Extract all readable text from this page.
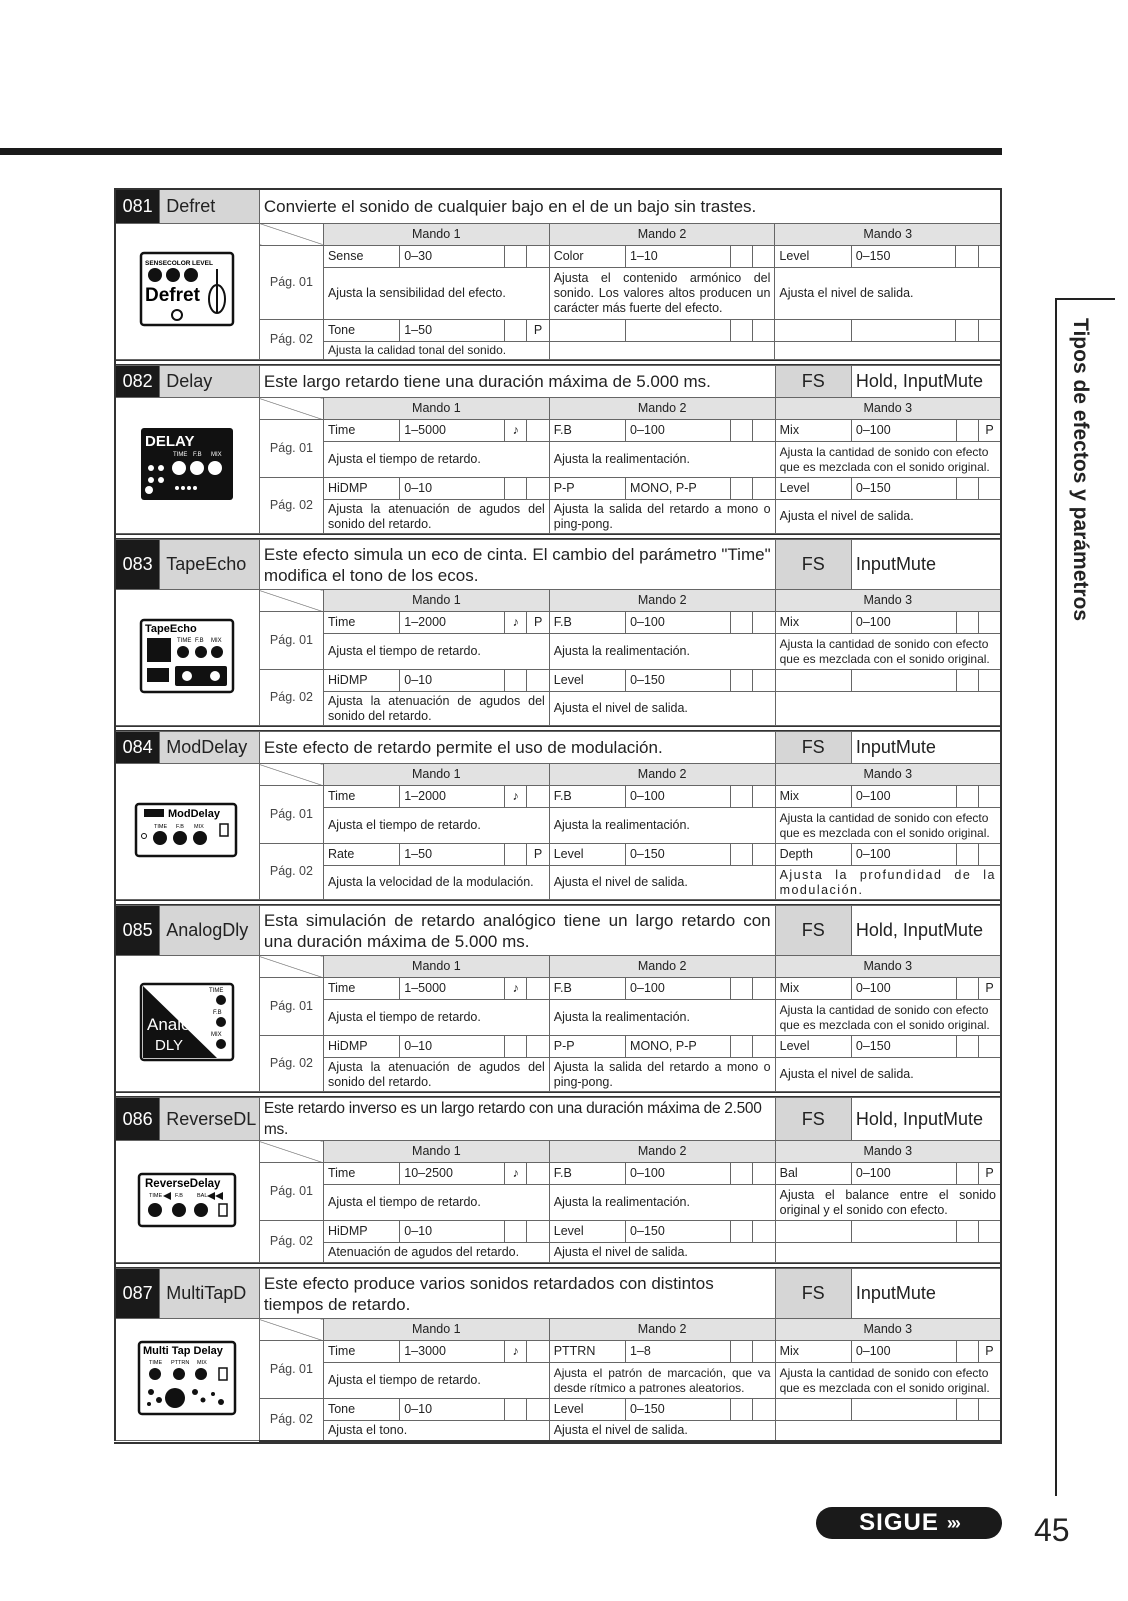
Tipos de efectos y parámetros
081	Defret	Convierte el sonido de cualquier bajo en el de un bajo sin trastes.												

SENSE COLOR LEVEL
Defret			Mando 1				Mando 2				Mando 3			
		Pág. 01	Sense	0–30			Color	1–10			Level	0–150		
			Ajusta la sensibilidad del efecto.				Ajusta el contenido armónico del sonido. Los valores altos producen un carácter más fuerte del efecto.				Ajusta el nivel de salida.			
		Pág. 02	Tone	1–50		P								
			Ajusta la calidad tonal del sonido.											

082	Delay	Este largo retardo tiene una duración máxima de 5.000 ms.									FS	Hold, InputMute		

DELAY
TIME F.B MIX			Mando 1				Mando 2				Mando 3			
		Pág. 01	Time	1–5000	♪		F.B	0–100			Mix	0–100		P
			Ajusta el tiempo de retardo.				Ajusta la realimentación.				Ajusta la cantidad de sonido con efecto que es mezclada con el sonido original.			
		Pág. 02	HiDMP	0–10			P-P	MONO, P-P			Level	0–150		
			Ajusta la atenuación de agudos del sonido del retardo.				Ajusta la salida del retardo a mono o ping-pong.				Ajusta el nivel de salida.			
083	TapeEcho	Este efecto simula un eco de cinta. El cambio del parámetro "Time" modifica el tono de los ecos.									FS	InputMute		

TapeEcho
TIME F.B MIX			Mando 1				Mando 2				Mando 3			
		Pág. 01	Time	1–2000	♪	P	F.B	0–100			Mix	0–100		
			Ajusta el tiempo de retardo.				Ajusta la realimentación.				Ajusta la cantidad de sonido con efecto que es mezclada con el sonido original.			
		Pág. 02	HiDMP	0–10			Level	0–150						
			Ajusta la atenuación de agudos del sonido del retardo.				Ajusta el nivel de salida.							
084	ModDelay	Este efecto de retardo permite el uso de modulación.									FS	InputMute		

ModDelay
TIME F.B MIX			Mando 1				Mando 2				Mando 3			
		Pág. 01	Time	1–2000	♪		F.B	0–100			Mix	0–100		
			Ajusta el tiempo de retardo.				Ajusta la realimentación.				Ajusta la cantidad de sonido con efecto que es mezclada con el sonido original.			
		Pág. 02	Rate	1–50		P	Level	0–150			Depth	0–100		
			Ajusta la velocidad de la modulación.				Ajusta el nivel de salida.				Ajusta la profundidad de la modulación.			
085	AnalogDly	Esta simulación de retardo analógico tiene un largo retardo con una duración máxima de 5.000 ms.									FS	Hold, InputMute		

Analog
DLY
TIME
F.B
MIX			Mando 1				Mando 2				Mando 3			
		Pág. 01	Time	1–5000	♪		F.B	0–100			Mix	0–100		P
			Ajusta el tiempo de retardo.				Ajusta la realimentación.				Ajusta la cantidad de sonido con efecto que es mezclada con el sonido original.			
		Pág. 02	HiDMP	0–10			P-P	MONO, P-P			Level	0–150		
			Ajusta la atenuación de agudos del sonido del retardo.				Ajusta la salida del retardo a mono o ping-pong.				Ajusta el nivel de salida.			
086	ReverseDL	Este retardo inverso es un largo retardo con una duración máxima de 2.500 ms.									FS	Hold, InputMute		

ReverseDelay
TIME F.B BAL			Mando 1				Mando 2				Mando 3			
		Pág. 01	Time	10–2500	♪		F.B	0–100			Bal	0–100		P
			Ajusta el tiempo de retardo.				Ajusta la realimentación.				Ajusta el balance entre el sonido original y el sonido con efecto.			
		Pág. 02	HiDMP	0–10			Level	0–150						
			Atenuación de agudos del retardo.				Ajusta el nivel de salida.							
087	MultiTapD	Este efecto produce varios sonidos retardados con distintos tiempos de retardo.									FS	InputMute		

Multi Tap Delay
TIME PTTRN MIX			Mando 1				Mando 2				Mando 3			
		Pág. 01	Time	1–3000	♪		PTTRN	1–8			Mix	0–100		P
			Ajusta el tiempo de retardo.				Ajusta el patrón de marcación, que va desde rítmico a patrones aleatorios.				Ajusta la cantidad de sonido con efecto que es mezclada con el sonido original.			
		Pág. 02	Tone	0–10			Level	0–150						
			Ajusta el tono.				Ajusta el nivel de salida.							
SIGUE ››› 45
